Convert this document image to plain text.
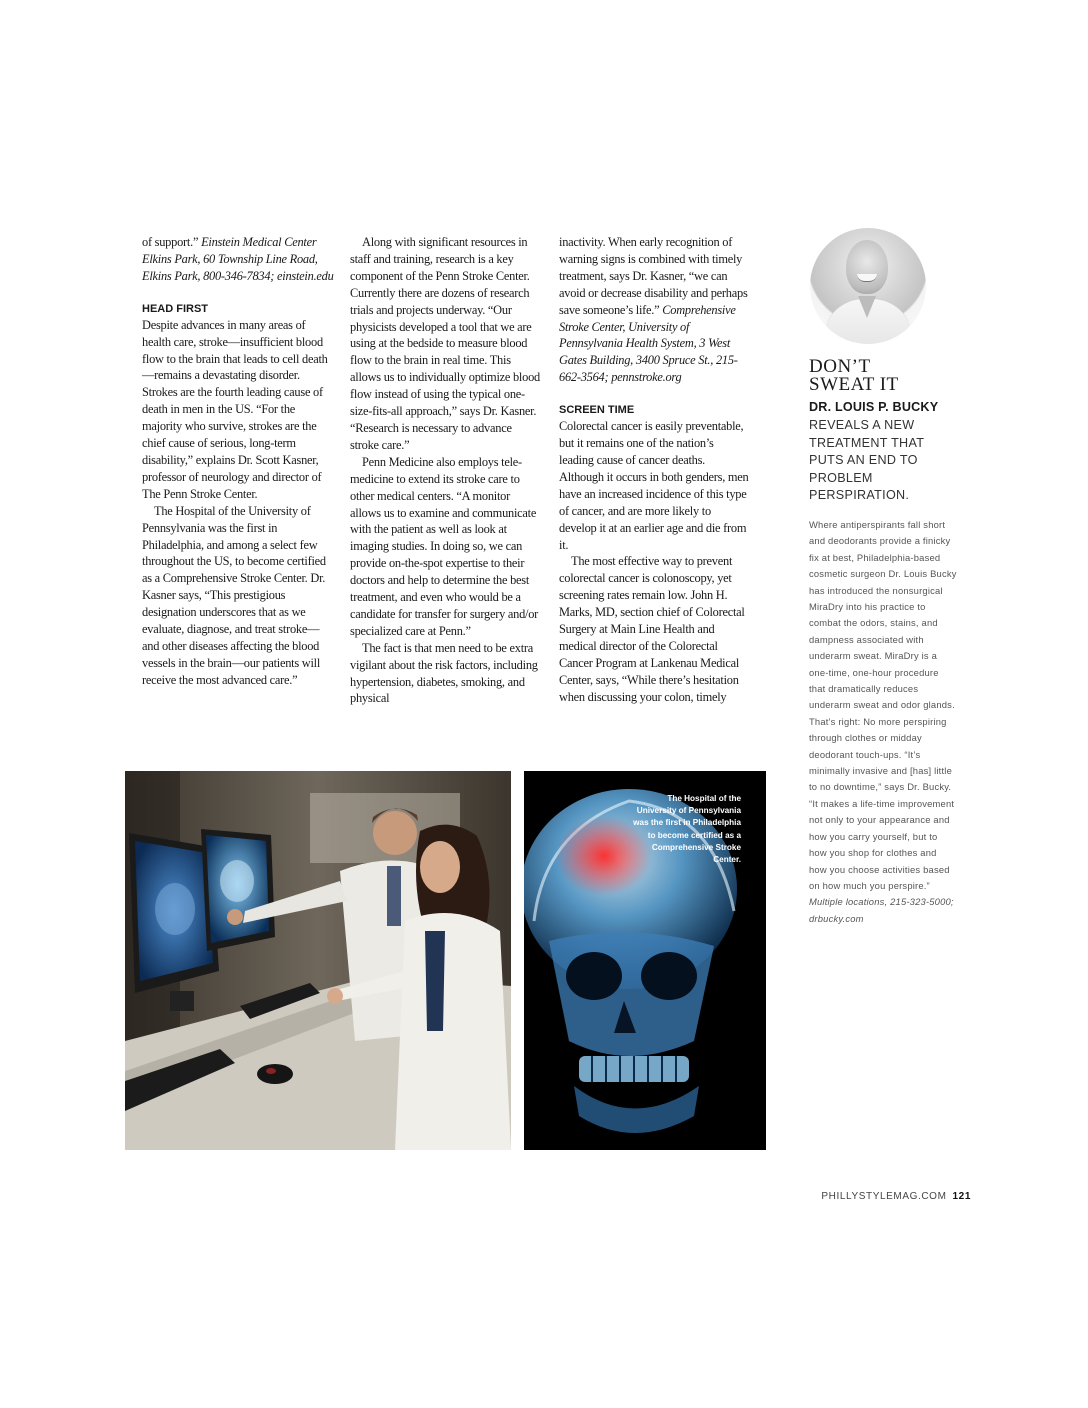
of support.” Einstein Medical Center Elkins Park, 60 Township Line Road, Elkins Park, 800-346-7834; einstein.edu

HEAD FIRST

Despite advances in many areas of health care, stroke—insufficient blood flow to the brain that leads to cell death—remains a devastating disorder. Strokes are the fourth leading cause of death in men in the US. “For the majority who survive, strokes are the chief cause of serious, long-term disability,” explains Dr. Scott Kasner, professor of neurology and director of The Penn Stroke Center.

The Hospital of the University of Pennsylvania was the first in Philadelphia, and among a select few throughout the US, to become certified as a Comprehensive Stroke Center. Dr. Kasner says, “This prestigious designation underscores that as we evaluate, diagnose, and treat stroke—and other diseases affecting the blood vessels in the brain—our patients will receive the most advanced care.”

Along with significant resources in staff and training, research is a key component of the Penn Stroke Center. Currently there are dozens of research trials and projects underway. “Our physicists developed a tool that we are using at the bedside to measure blood flow to the brain in real time. This allows us to individually optimize blood flow instead of using the typical one-size-fits-all approach,” says Dr. Kasner. “Research is necessary to advance stroke care.”

Penn Medicine also employs tele-medicine to extend its stroke care to other medical centers. “A monitor allows us to examine and communicate with the patient as well as look at imaging studies. In doing so, we can provide on-the-spot expertise to their doctors and help to determine the best treatment, and even who would be a candidate for transfer for surgery and/or specialized care at Penn.”

The fact is that men need to be extra vigilant about the risk factors, including hypertension, diabetes, smoking, and physical

inactivity. When early recognition of warning signs is combined with timely treatment, says Dr. Kasner, “we can avoid or decrease disability and perhaps save someone’s life.” Comprehensive Stroke Center, University of Pennsylvania Health System, 3 West Gates Building, 3400 Spruce St., 215-662-3564; pennstroke.org

SCREEN TIME

Colorectal cancer is easily preventable, but it remains one of the nation’s leading cause of cancer deaths. Although it occurs in both genders, men have an increased incidence of this type of cancer, and are more likely to develop it at an earlier age and die from it.

The most effective way to prevent colorectal cancer is colonoscopy, yet screening rates remain low. John H. Marks, MD, section chief of Colorectal Surgery at Main Line Health and medical director of the Colorectal Cancer Program at Lankenau Medical Center, says, “While there’s hesitation when discussing your colon, timely

DON’T
SWEAT IT
DR. LOUIS P. BUCKY
REVEALS A NEW TREATMENT THAT PUTS AN END TO PROBLEM PERSPIRATION.
Where antiperspirants fall short and deodorants provide a finicky fix at best, Philadelphia-based cosmetic surgeon Dr. Louis Bucky has introduced the nonsurgical MiraDry into his practice to combat the odors, stains, and dampness associated with underarm sweat. MiraDry is a one-time, one-hour procedure that dramatically reduces underarm sweat and odor glands. That’s right: No more perspiring through clothes or midday deodorant touch-ups. “It’s minimally invasive and [has] little to no downtime,” says Dr. Bucky. “It makes a life-time improvement not only to your appearance and how you carry yourself, but to how you shop for clothes and how you choose activities based on how much you perspire.” Multiple locations, 215-323-5000; drbucky.com
The Hospital of the University of Pennsylvania was the first in Philadelphia to become certified as a Comprehensive Stroke Center.
PHILLYSTYLEMAG.COM 121
